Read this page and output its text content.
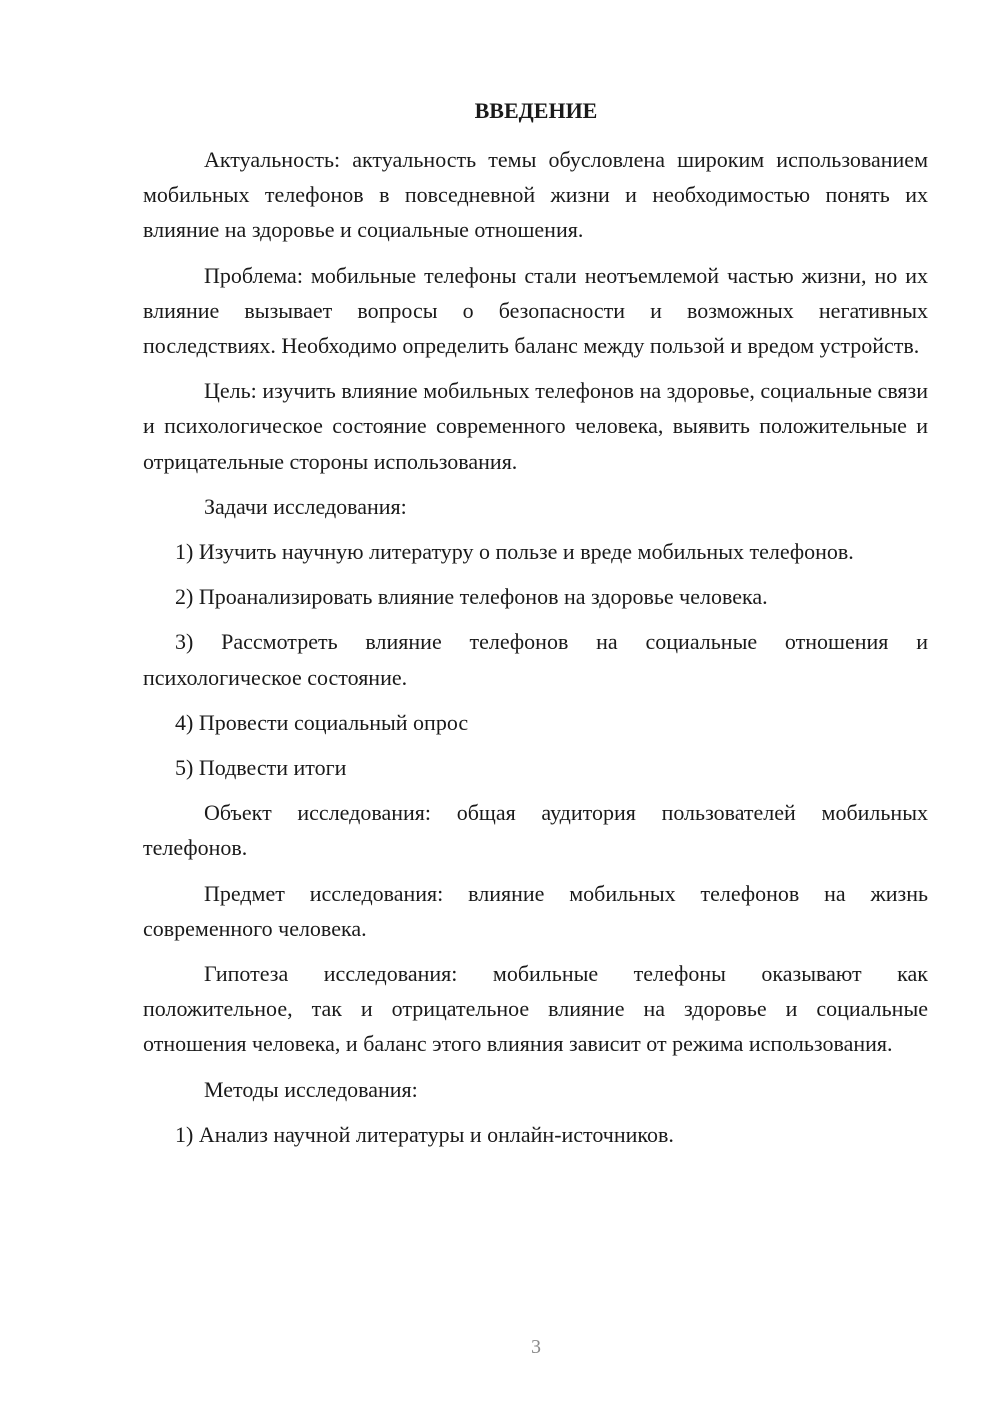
ВВЕДЕНИЕ

Актуальность: актуальность темы обусловлена широким использованием мобильных телефонов в повседневной жизни и необходимостью понять их влияние на здоровье и социальные отношения.

Проблема: мобильные телефоны стали неотъемлемой частью жизни, но их влияние вызывает вопросы о безопасности и возможных негативных последствиях. Необходимо определить баланс между пользой и вредом устройств.

Цель: изучить влияние мобильных телефонов на здоровье, социальные связи и психологическое состояние современного человека, выявить положительные и отрицательные стороны использования.

Задачи исследования:

1) Изучить научную литературу о пользе и вреде мобильных телефонов.

2) Проанализировать влияние телефонов на здоровье человека.

3) Рассмотреть влияние телефонов на социальные отношения и психологическое состояние.

4) Провести социальный опрос

5) Подвести итоги

Объект исследования: общая аудитория пользователей мобильных телефонов.

Предмет исследования: влияние мобильных телефонов на жизнь современного человека.

Гипотеза исследования: мобильные телефоны оказывают как положительное, так и отрицательное влияние на здоровье и социальные отношения человека, и баланс этого влияния зависит от режима использования.

Методы исследования:

1) Анализ научной литературы и онлайн-источников.

3
